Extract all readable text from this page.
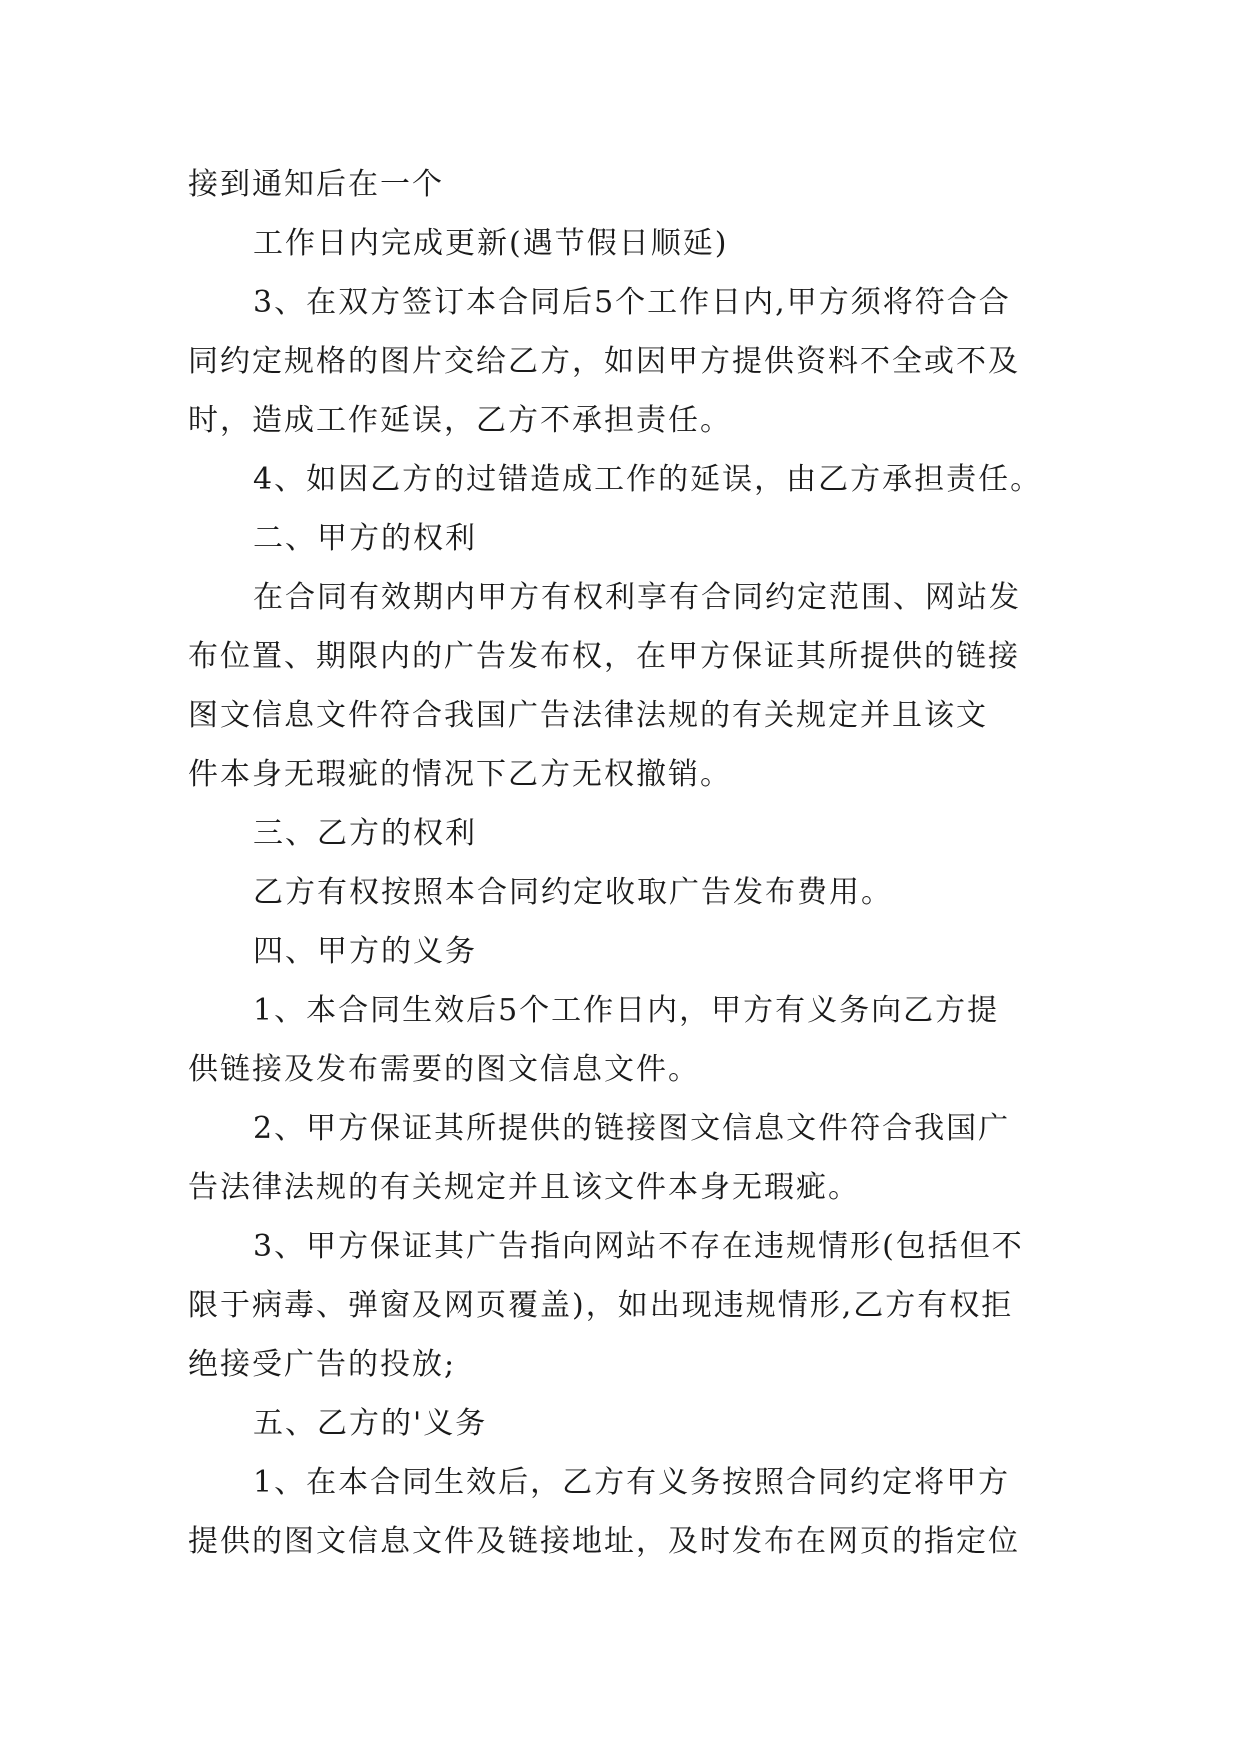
接到通知后在一个
工作日内完成更新(遇节假日顺延)
3、在双方签订本合同后5个工作日内,甲方须将符合合
同约定规格的图片交给乙方，如因甲方提供资料不全或不及
时，造成工作延误，乙方不承担责任。
4、如因乙方的过错造成工作的延误，由乙方承担责任。
二、甲方的权利
在合同有效期内甲方有权利享有合同约定范围、网站发
布位置、期限内的广告发布权，在甲方保证其所提供的链接
图文信息文件符合我国广告法律法规的有关规定并且该文
件本身无瑕疵的情况下乙方无权撤销。
三、乙方的权利
乙方有权按照本合同约定收取广告发布费用。
四、甲方的义务
1、本合同生效后5个工作日内，甲方有义务向乙方提
供链接及发布需要的图文信息文件。
2、甲方保证其所提供的链接图文信息文件符合我国广
告法律法规的有关规定并且该文件本身无瑕疵。
3、甲方保证其广告指向网站不存在违规情形(包括但不
限于病毒、弹窗及网页覆盖)，如出现违规情形,乙方有权拒
绝接受广告的投放;
五、乙方的'义务
1、在本合同生效后，乙方有义务按照合同约定将甲方
提供的图文信息文件及链接地址，及时发布在网页的指定位
